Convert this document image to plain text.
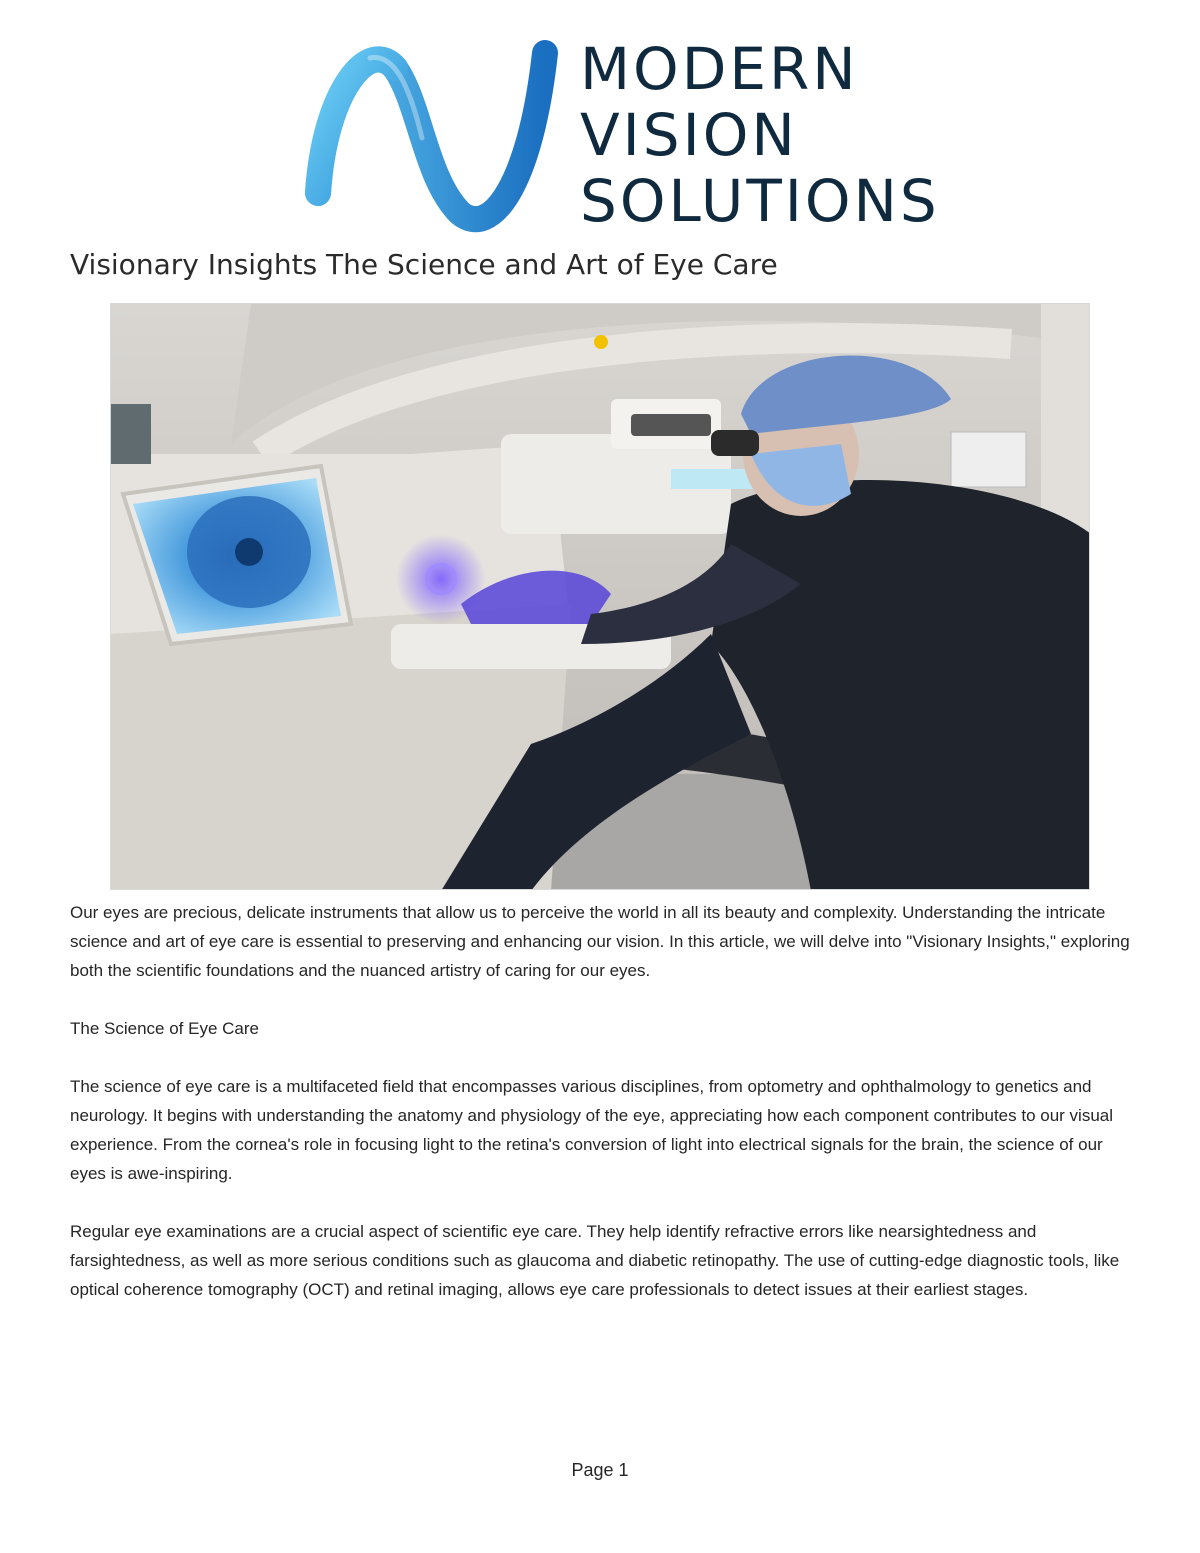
MODERN
VISION
SOLUTIONS
Visionary Insights The Science and Art of Eye Care

Our eyes are precious, delicate instruments that allow us to perceive the world in all its beauty and complexity. Understanding the intricate science and art of eye care is essential to preserving and enhancing our vision. In this article, we will delve into "Visionary Insights," exploring both the scientific foundations and the nuanced artistry of caring for our eyes.

The Science of Eye Care

The science of eye care is a multifaceted field that encompasses various disciplines, from optometry and ophthalmology to genetics and neurology. It begins with understanding the anatomy and physiology of the eye, appreciating how each component contributes to our visual experience. From the cornea's role in focusing light to the retina's conversion of light into electrical signals for the brain, the science of our eyes is awe-inspiring.

Regular eye examinations are a crucial aspect of scientific eye care. They help identify refractive errors like nearsightedness and farsightedness, as well as more serious conditions such as glaucoma and diabetic retinopathy. The use of cutting-edge diagnostic tools, like optical coherence tomography (OCT) and retinal imaging, allows eye care professionals to detect issues at their earliest stages.

Page 1
